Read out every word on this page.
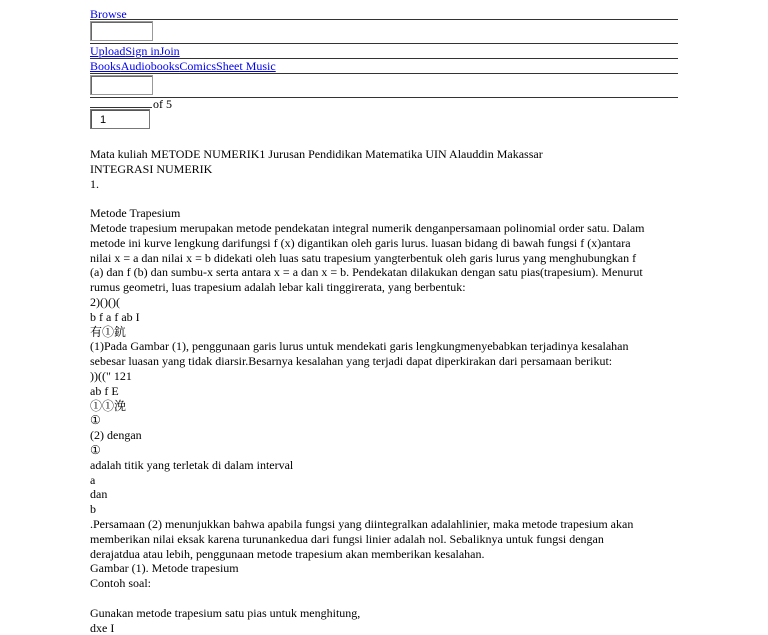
Browse
UploadSign inJoin
BooksAudiobooksComicsSheet Music
of 5
1
Mata kuliah METODE NUMERIK1 Jurusan Pendidikan Matematika UIN Alauddin Makassar
INTEGRASI NUMERIK
1.

Metode Trapesium
Metode trapesium merupakan metode pendekatan integral numerik denganpersamaan polinomial order satu. Dalam
metode ini kurve lengkung darifungsi f (x) digantikan oleh garis lurus. luasan bidang di bawah fungsi f (x)antara
nilai x = a dan nilai x = b didekati oleh luas satu trapesium yangterbentuk oleh garis lurus yang menghubungkan f
(a) dan f (b) dan sumbu-x serta antara x = a dan x = b. Pendekatan dilakukan dengan satu pias(trapesium). Menurut
rumus geometri, luas trapesium adalah lebar kali tinggirerata, yang berbentuk:
2)()()(
b f a f ab I
有①鈧
(1)Pada Gambar (1), penggunaan garis lurus untuk mendekati garis lengkungmenyebabkan terjadinya kesalahan
sebesar luasan yang tidak diarsir.Besarnya kesalahan yang terjadi dapat diperkirakan dari persamaan berikut:
))((" 121
ab f E
①①浼
①
(2) dengan
①
adalah titik yang terletak di dalam interval
a
dan
b
.Persamaan (2) menunjukkan bahwa apabila fungsi yang diintegralkan adalahlinier, maka metode trapesium akan
memberikan nilai eksak karena turunankedua dari fungsi linier adalah nol. Sebaliknya untuk fungsi dengan
derajatdua atau lebih, penggunaan metode trapesium akan memberikan kesalahan.
Gambar (1). Metode trapesium
Contoh soal:

Gunakan metode trapesium satu pias untuk menghitung,
dxe I
